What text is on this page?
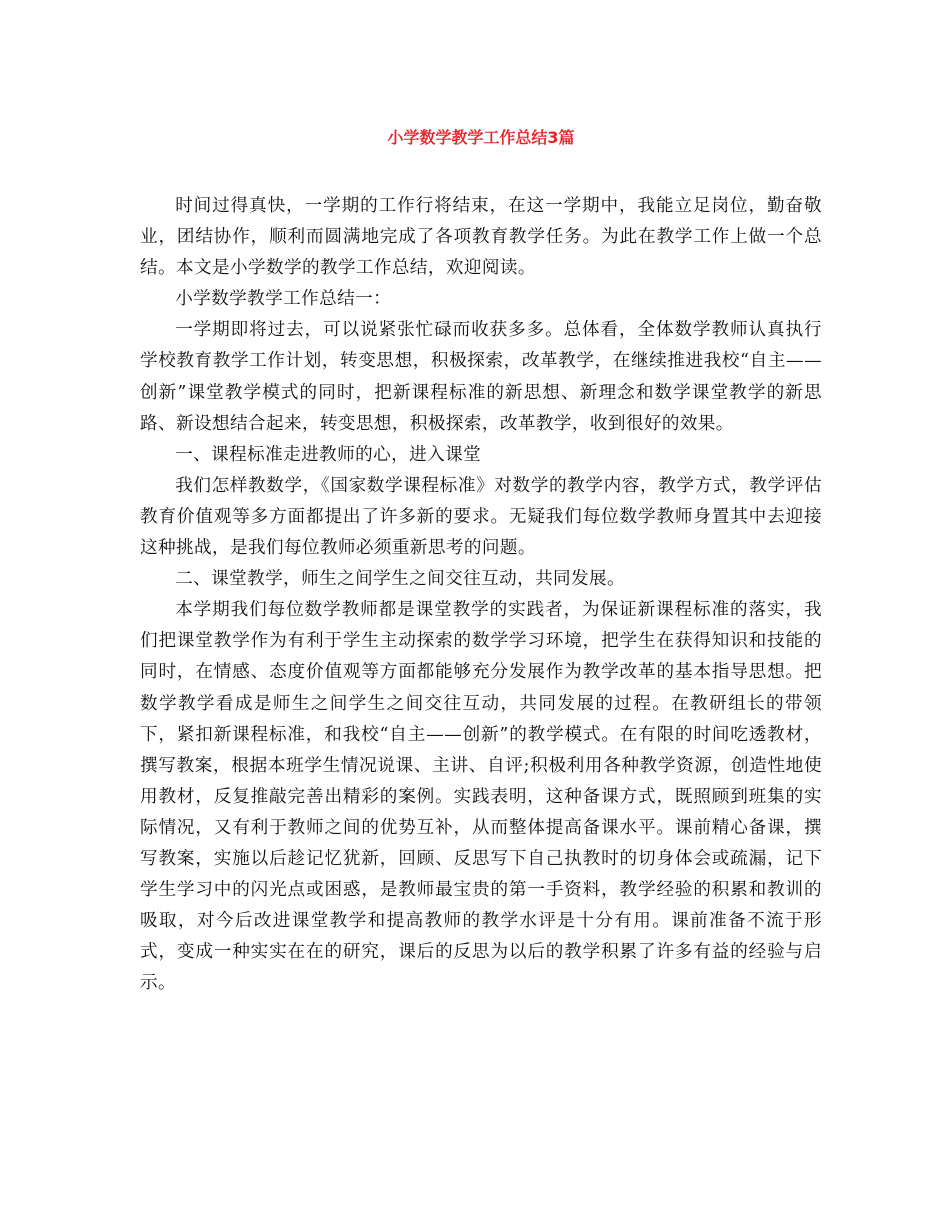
小学数学教学工作总结3篇

时间过得真快，一学期的工作行将结束，在这一学期中，我能立足岗位，勤奋敬业，团结协作，顺利而圆满地完成了各项教育教学任务。为此在教学工作上做一个总结。本文是小学数学的教学工作总结，欢迎阅读。

小学数学教学工作总结一：

一学期即将过去，可以说紧张忙碌而收获多多。总体看，全体数学教师认真执行学校教育教学工作计划，转变思想，积极探索，改革教学，在继续推进我校“自主——创新”课堂教学模式的同时，把新课程标准的新思想、新理念和数学课堂教学的新思路、新设想结合起来，转变思想，积极探索，改革教学，收到很好的效果。

一、课程标准走进教师的心，进入课堂

我们怎样教数学，《国家数学课程标准》对数学的教学内容，教学方式，教学评估教育价值观等多方面都提出了许多新的要求。无疑我们每位数学教师身置其中去迎接这种挑战，是我们每位教师必须重新思考的问题。

二、课堂教学，师生之间学生之间交往互动，共同发展。

本学期我们每位数学教师都是课堂教学的实践者，为保证新课程标准的落实，我们把课堂教学作为有利于学生主动探索的数学学习环境，把学生在获得知识和技能的同时，在情感、态度价值观等方面都能够充分发展作为教学改革的基本指导思想。把数学教学看成是师生之间学生之间交往互动，共同发展的过程。在教研组长的带领下，紧扣新课程标准，和我校“自主——创新”的教学模式。在有限的时间吃透教材，撰写教案，根据本班学生情况说课、主讲、自评;积极利用各种教学资源，创造性地使用教材，反复推敲完善出精彩的案例。实践表明，这种备课方式，既照顾到班集的实际情况，又有利于教师之间的优势互补，从而整体提高备课水平。课前精心备课，撰写教案，实施以后趁记忆犹新，回顾、反思写下自己执教时的切身体会或疏漏，记下学生学习中的闪光点或困惑，是教师最宝贵的第一手资料，教学经验的积累和教训的吸取，对今后改进课堂教学和提高教师的教学水评是十分有用。课前准备不流于形式，变成一种实实在在的研究，课后的反思为以后的教学积累了许多有益的经验与启示。
